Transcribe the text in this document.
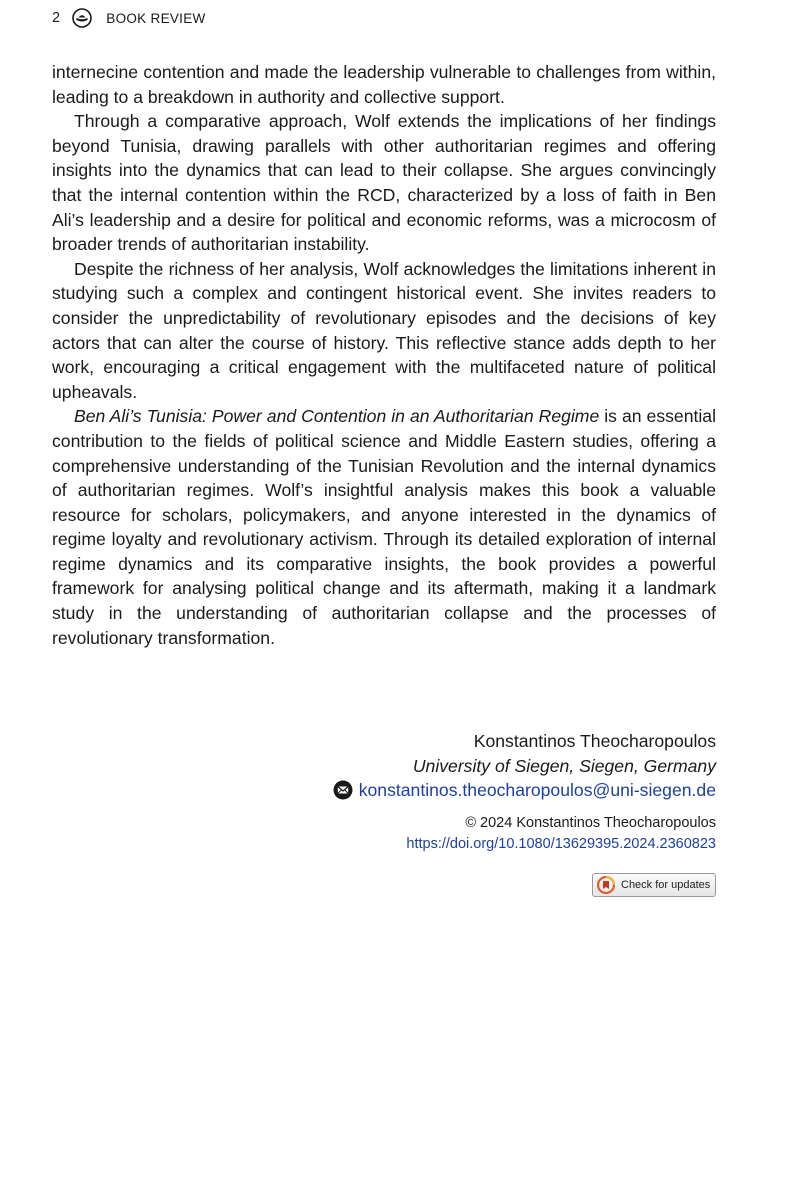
2	BOOK REVIEW

internecine contention and made the leadership vulnerable to challenges from within, leading to a breakdown in authority and collective support.

Through a comparative approach, Wolf extends the implications of her findings beyond Tunisia, drawing parallels with other authoritarian regimes and offering insights into the dynamics that can lead to their collapse. She argues convincingly that the internal contention within the RCD, characterized by a loss of faith in Ben Ali’s leadership and a desire for political and economic reforms, was a microcosm of broader trends of authoritarian instability.

Despite the richness of her analysis, Wolf acknowledges the limitations inherent in studying such a complex and contingent historical event. She invites readers to consider the unpredictability of revolutionary episodes and the decisions of key actors that can alter the course of history. This reflective stance adds depth to her work, encouraging a critical engagement with the multifaceted nature of political upheavals.

Ben Ali’s Tunisia: Power and Contention in an Authoritarian Regime is an essential contribution to the fields of political science and Middle Eastern studies, offering a comprehensive understanding of the Tunisian Revolution and the internal dynamics of authoritarian regimes. Wolf’s insightful analysis makes this book a valuable resource for scholars, policymakers, and anyone interested in the dynamics of regime loyalty and revolutionary activism. Through its detailed exploration of internal regime dynamics and its comparative insights, the book provides a powerful framework for analysing political change and its aftermath, making it a landmark study in the understanding of authoritarian collapse and the processes of revolutionary transformation.

Konstantinos Theocharopoulos
University of Siegen, Siegen, Germany
konstantinos.theocharopoulos@uni-siegen.de
© 2024 Konstantinos Theocharopoulos
https://doi.org/10.1080/13629395.2024.2360823
Check for updates
